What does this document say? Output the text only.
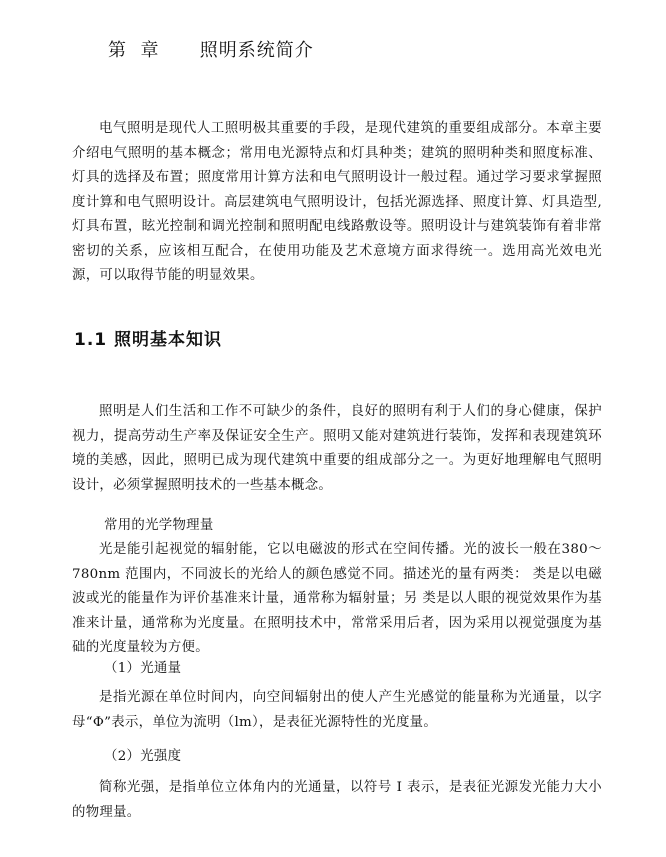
第  章      照明系统简介

电气照明是现代人工照明极其重要的手段，是现代建筑的重要组成部分。本章主要介绍电气照明的基本概念；常用电光源特点和灯具种类；建筑的照明种类和照度标准、灯具的选择及布置；照度常用计算方法和电气照明设计一般过程。通过学习要求掌握照度计算和电气照明设计。高层建筑电气照明设计，包括光源选择、照度计算、灯具造型,灯具布置，眩光控制和调光控制和照明配电线路敷设等。照明设计与建筑装饰有着非常密切的关系，应该相互配合，在使用功能及艺术意境方面求得统一。选用高光效电光源，可以取得节能的明显效果。

1.1 照明基本知识

照明是人们生活和工作不可缺少的条件，良好的照明有利于人们的身心健康，保护视力，提高劳动生产率及保证安全生产。照明又能对建筑进行装饰，发挥和表现建筑环境的美感，因此，照明已成为现代建筑中重要的组成部分之一。为更好地理解电气照明设计，必须掌握照明技术的一些基本概念。

常用的光学物理量

光是能引起视觉的辐射能，它以电磁波的形式在空间传播。光的波长一般在380～780nm 范围内，不同波长的光给人的颜色感觉不同。描述光的量有两类： 类是以电磁波或光的能量作为评价基准来计量，通常称为辐射量；另 类是以人眼的视觉效果作为基准来计量，通常称为光度量。在照明技术中，常常采用后者，因为采用以视觉强度为基础的光度量较为方便。

（1）光通量

是指光源在单位时间内，向空间辐射出的使人产生光感觉的能量称为光通量，以字母“Φ”表示，单位为流明（lm），是表征光源特性的光度量。

（2）光强度

简称光强，是指单位立体角内的光通量，以符号 I 表示，是表征光源发光能力大小的物理量。
